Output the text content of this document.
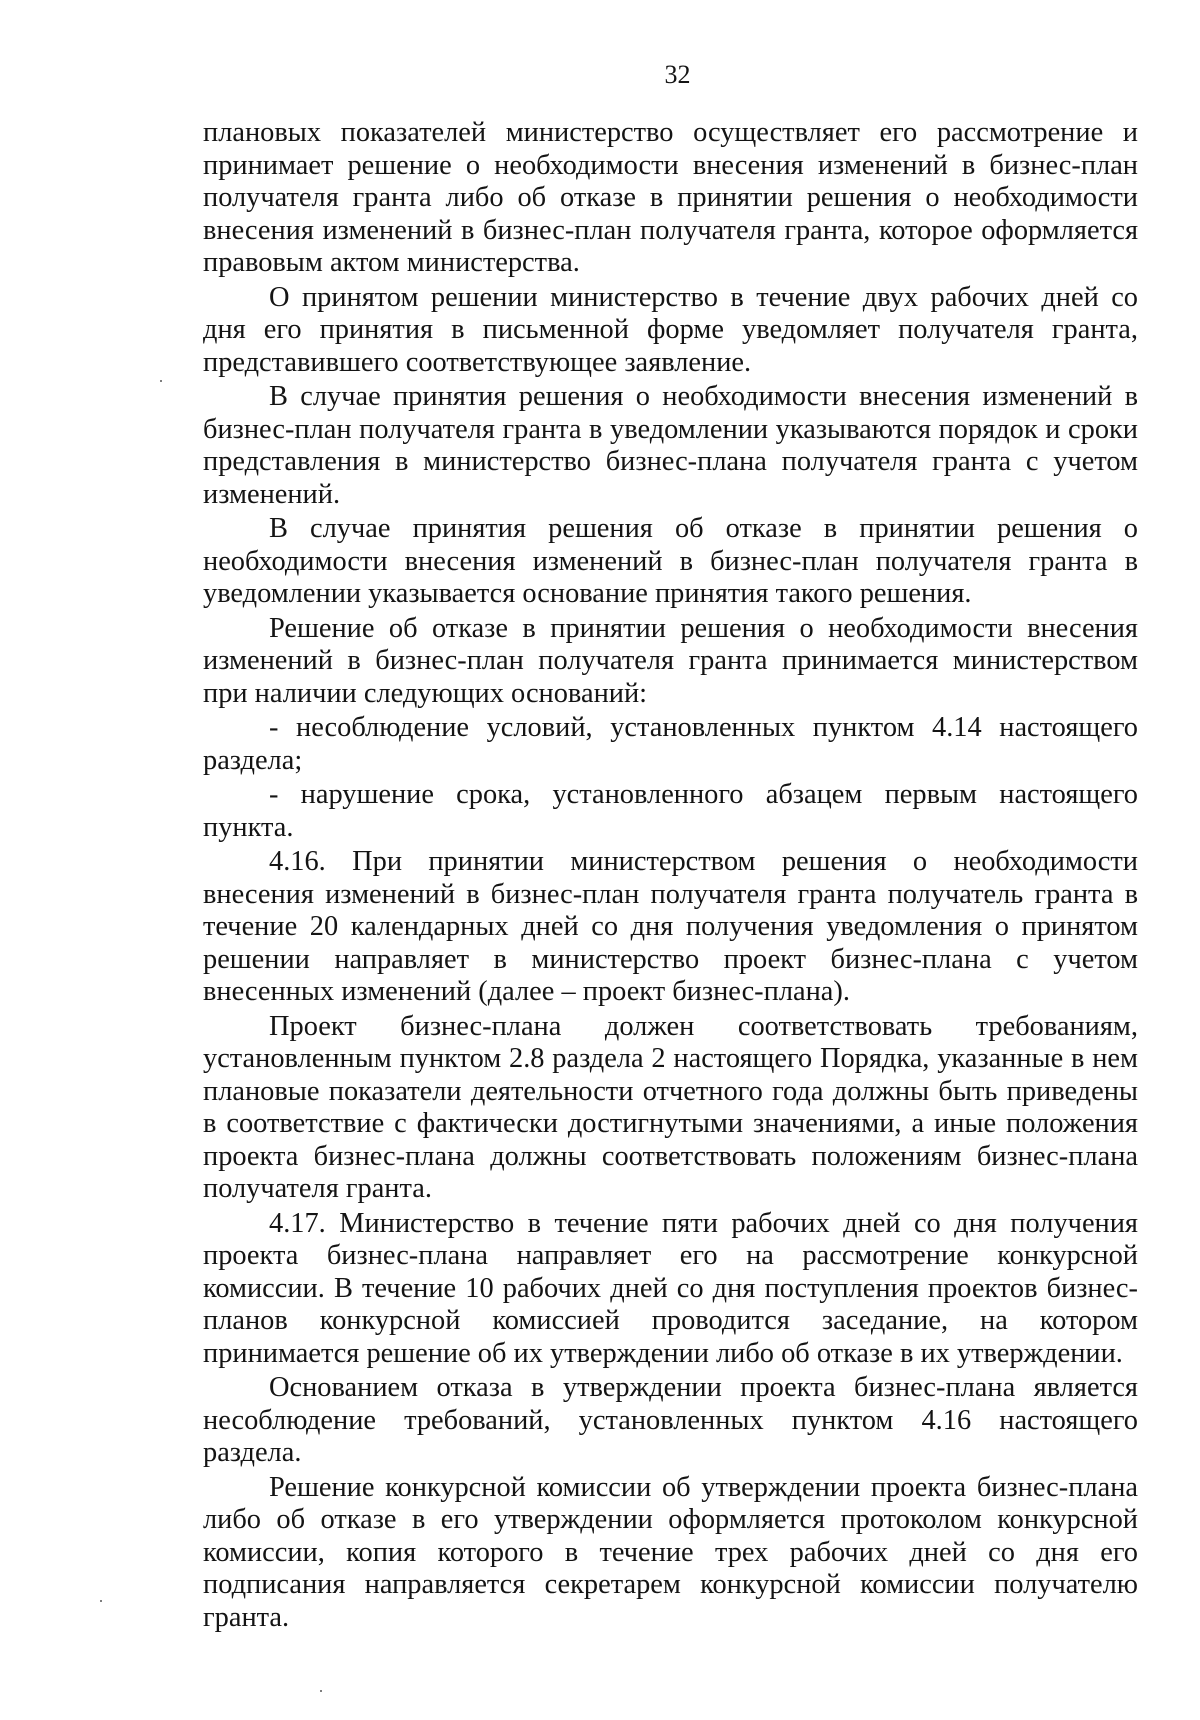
32

плановых показателей министерство осуществляет его рассмотрение и принимает решение о необходимости внесения изменений в бизнес-план получателя гранта либо об отказе в принятии решения о необходимости внесения изменений в бизнес-план получателя гранта, которое оформляется правовым актом министерства.

О принятом решении министерство в течение двух рабочих дней со дня его принятия в письменной форме уведомляет получателя гранта, представившего соответствующее заявление.

В случае принятия решения о необходимости внесения изменений в бизнес-план получателя гранта в уведомлении указываются порядок и сроки представления в министерство бизнес-плана получателя гранта с учетом изменений.

В случае принятия решения об отказе в принятии решения о необходимости внесения изменений в бизнес-план получателя гранта в уведомлении указывается основание принятия такого решения.

Решение об отказе в принятии решения о необходимости внесения изменений в бизнес-план получателя гранта принимается министерством при наличии следующих оснований:

- несоблюдение условий, установленных пунктом 4.14 настоящего раздела;

- нарушение срока, установленного абзацем первым настоящего пункта.

4.16. При принятии министерством решения о необходимости внесения изменений в бизнес-план получателя гранта получатель гранта в течение 20 календарных дней со дня получения уведомления о принятом решении направляет в министерство проект бизнес-плана с учетом внесенных изменений (далее – проект бизнес-плана).

Проект бизнес-плана должен соответствовать требованиям, установленным пунктом 2.8 раздела 2 настоящего Порядка, указанные в нем плановые показатели деятельности отчетного года должны быть приведены в соответствие с фактически достигнутыми значениями, а иные положения проекта бизнес-плана должны соответствовать положениям бизнес-плана получателя гранта.

4.17. Министерство в течение пяти рабочих дней со дня получения проекта бизнес-плана направляет его на рассмотрение конкурсной комиссии. В течение 10 рабочих дней со дня поступления проектов бизнес-планов конкурсной комиссией проводится заседание, на котором принимается решение об их утверждении либо об отказе в их утверждении.

Основанием отказа в утверждении проекта бизнес-плана является несоблюдение требований, установленных пунктом 4.16 настоящего раздела.

Решение конкурсной комиссии об утверждении проекта бизнес-плана либо об отказе в его утверждении оформляется протоколом конкурсной комиссии, копия которого в течение трех рабочих дней со дня его подписания направляется секретарем конкурсной комиссии получателю гранта.
